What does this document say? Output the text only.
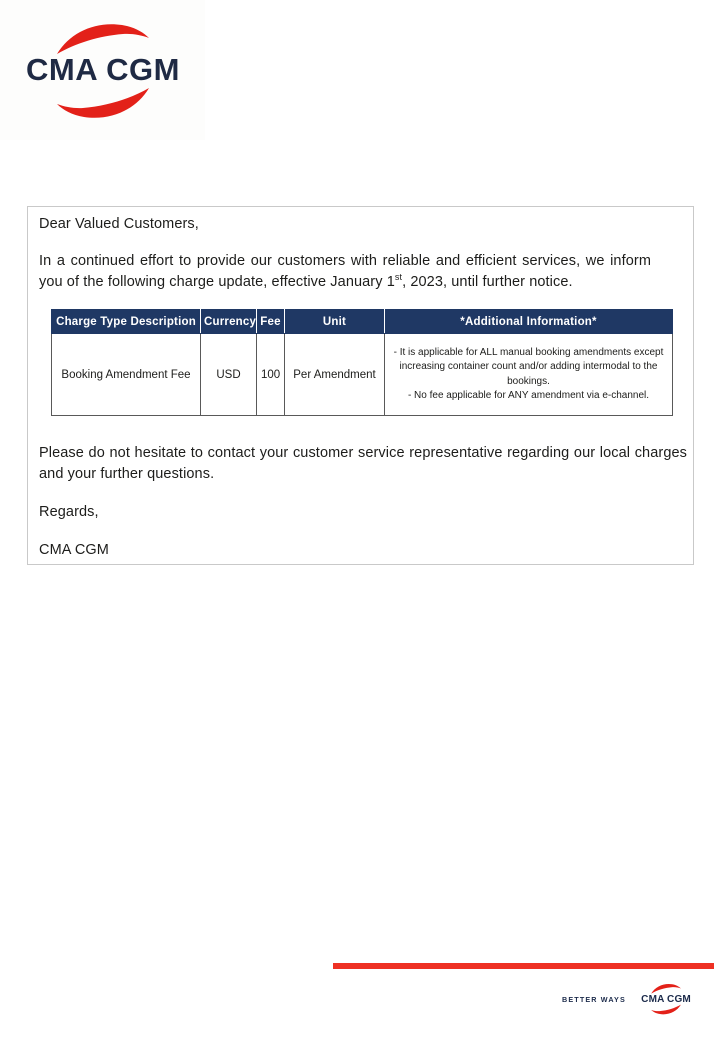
CMA CGM
Dear Valued Customers,
In a continued effort to provide our customers with reliable and efficient services, we inform you of the following charge update, effective January 1st, 2023, until further notice.
Charge Type Description	Currency	Fee	Unit	*Additional Information*
Booking Amendment Fee	USD	100	Per Amendment	- It is applicable for ALL manual booking amendments except increasing container count and/or adding intermodal to the bookings.
- No fee applicable for ANY amendment via e-channel.
Please do not hesitate to contact your customer service representative regarding our local charges and your further questions.
Regards,
CMA CGM
BETTER WAYS CMA CGM
